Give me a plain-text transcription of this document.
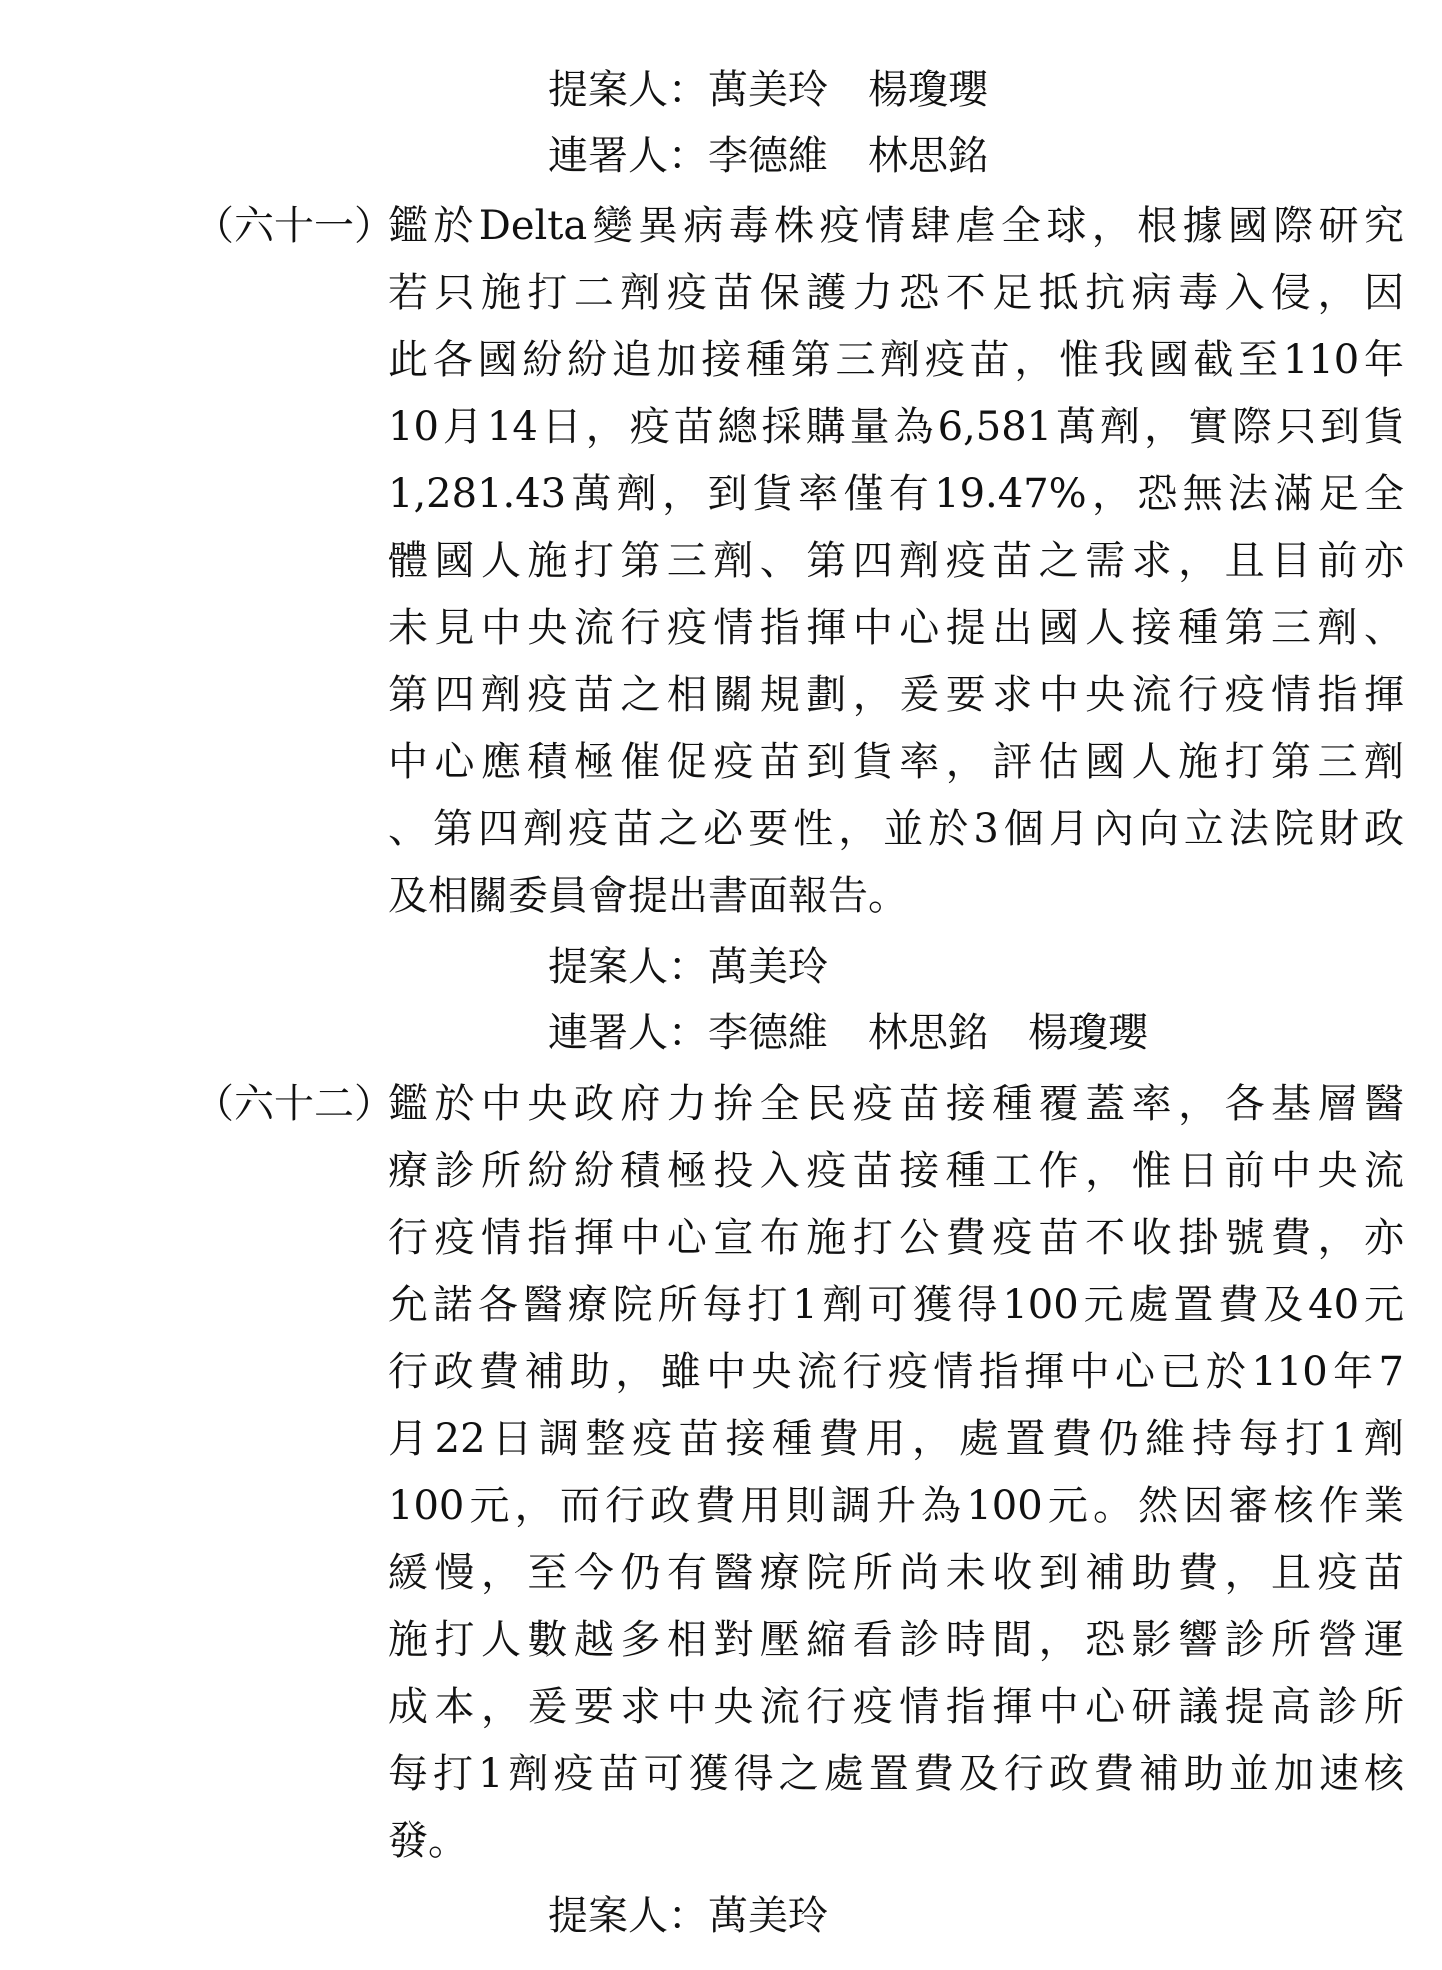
提案人：萬美玲　楊瓊瓔
連署人：李德維　林思銘
（六十一）
鑑於Delta變異病毒株疫情肆虐全球，根據國際研究
若只施打二劑疫苗保護力恐不足抵抗病毒入侵，因
此各國紛紛追加接種第三劑疫苗，惟我國截至110年
10月14日，疫苗總採購量為6,581萬劑，實際只到貨
1,281.43萬劑，到貨率僅有19.47%，恐無法滿足全
體國人施打第三劑、第四劑疫苗之需求，且目前亦
未見中央流行疫情指揮中心提出國人接種第三劑、
第四劑疫苗之相關規劃，爰要求中央流行疫情指揮
中心應積極催促疫苗到貨率，評估國人施打第三劑
、第四劑疫苗之必要性，並於3個月內向立法院財政
及相關委員會提出書面報告。
提案人：萬美玲
連署人：李德維　林思銘　楊瓊瓔
（六十二）
鑑於中央政府力拚全民疫苗接種覆蓋率，各基層醫
療診所紛紛積極投入疫苗接種工作，惟日前中央流
行疫情指揮中心宣布施打公費疫苗不收掛號費，亦
允諾各醫療院所每打1劑可獲得100元處置費及40元
行政費補助，雖中央流行疫情指揮中心已於110年7
月22日調整疫苗接種費用，處置費仍維持每打1劑
100元，而行政費用則調升為100元。然因審核作業
緩慢，至今仍有醫療院所尚未收到補助費，且疫苗
施打人數越多相對壓縮看診時間，恐影響診所營運
成本，爰要求中央流行疫情指揮中心研議提高診所
每打1劑疫苗可獲得之處置費及行政費補助並加速核
發。
提案人：萬美玲
